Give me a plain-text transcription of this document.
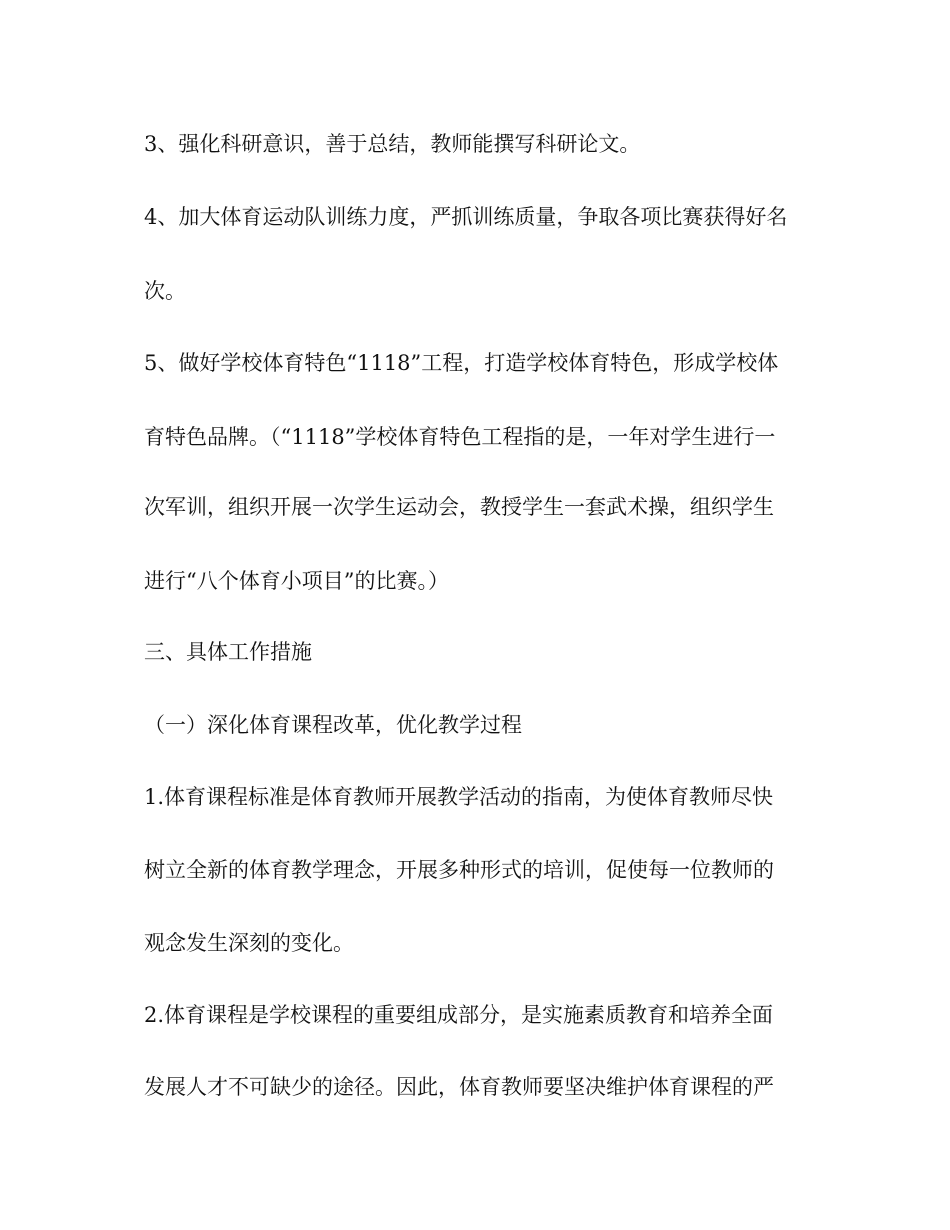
3、强化科研意识，善于总结，教师能撰写科研论文。
4、加大体育运动队训练力度，严抓训练质量，争取各项比赛获得好名
次。
5、做好学校体育特色“1118”工程，打造学校体育特色，形成学校体
育特色品牌。（“1118”学校体育特色工程指的是，一年对学生进行一
次军训，组织开展一次学生运动会，教授学生一套武术操，组织学生
进行“八个体育小项目”的比赛。）
三、具体工作措施
（一）深化体育课程改革，优化教学过程
1.体育课程标准是体育教师开展教学活动的指南，为使体育教师尽快
树立全新的体育教学理念，开展多种形式的培训，促使每一位教师的
观念发生深刻的变化。
2.体育课程是学校课程的重要组成部分，是实施素质教育和培养全面
发展人才不可缺少的途径。因此，体育教师要坚决维护体育课程的严
